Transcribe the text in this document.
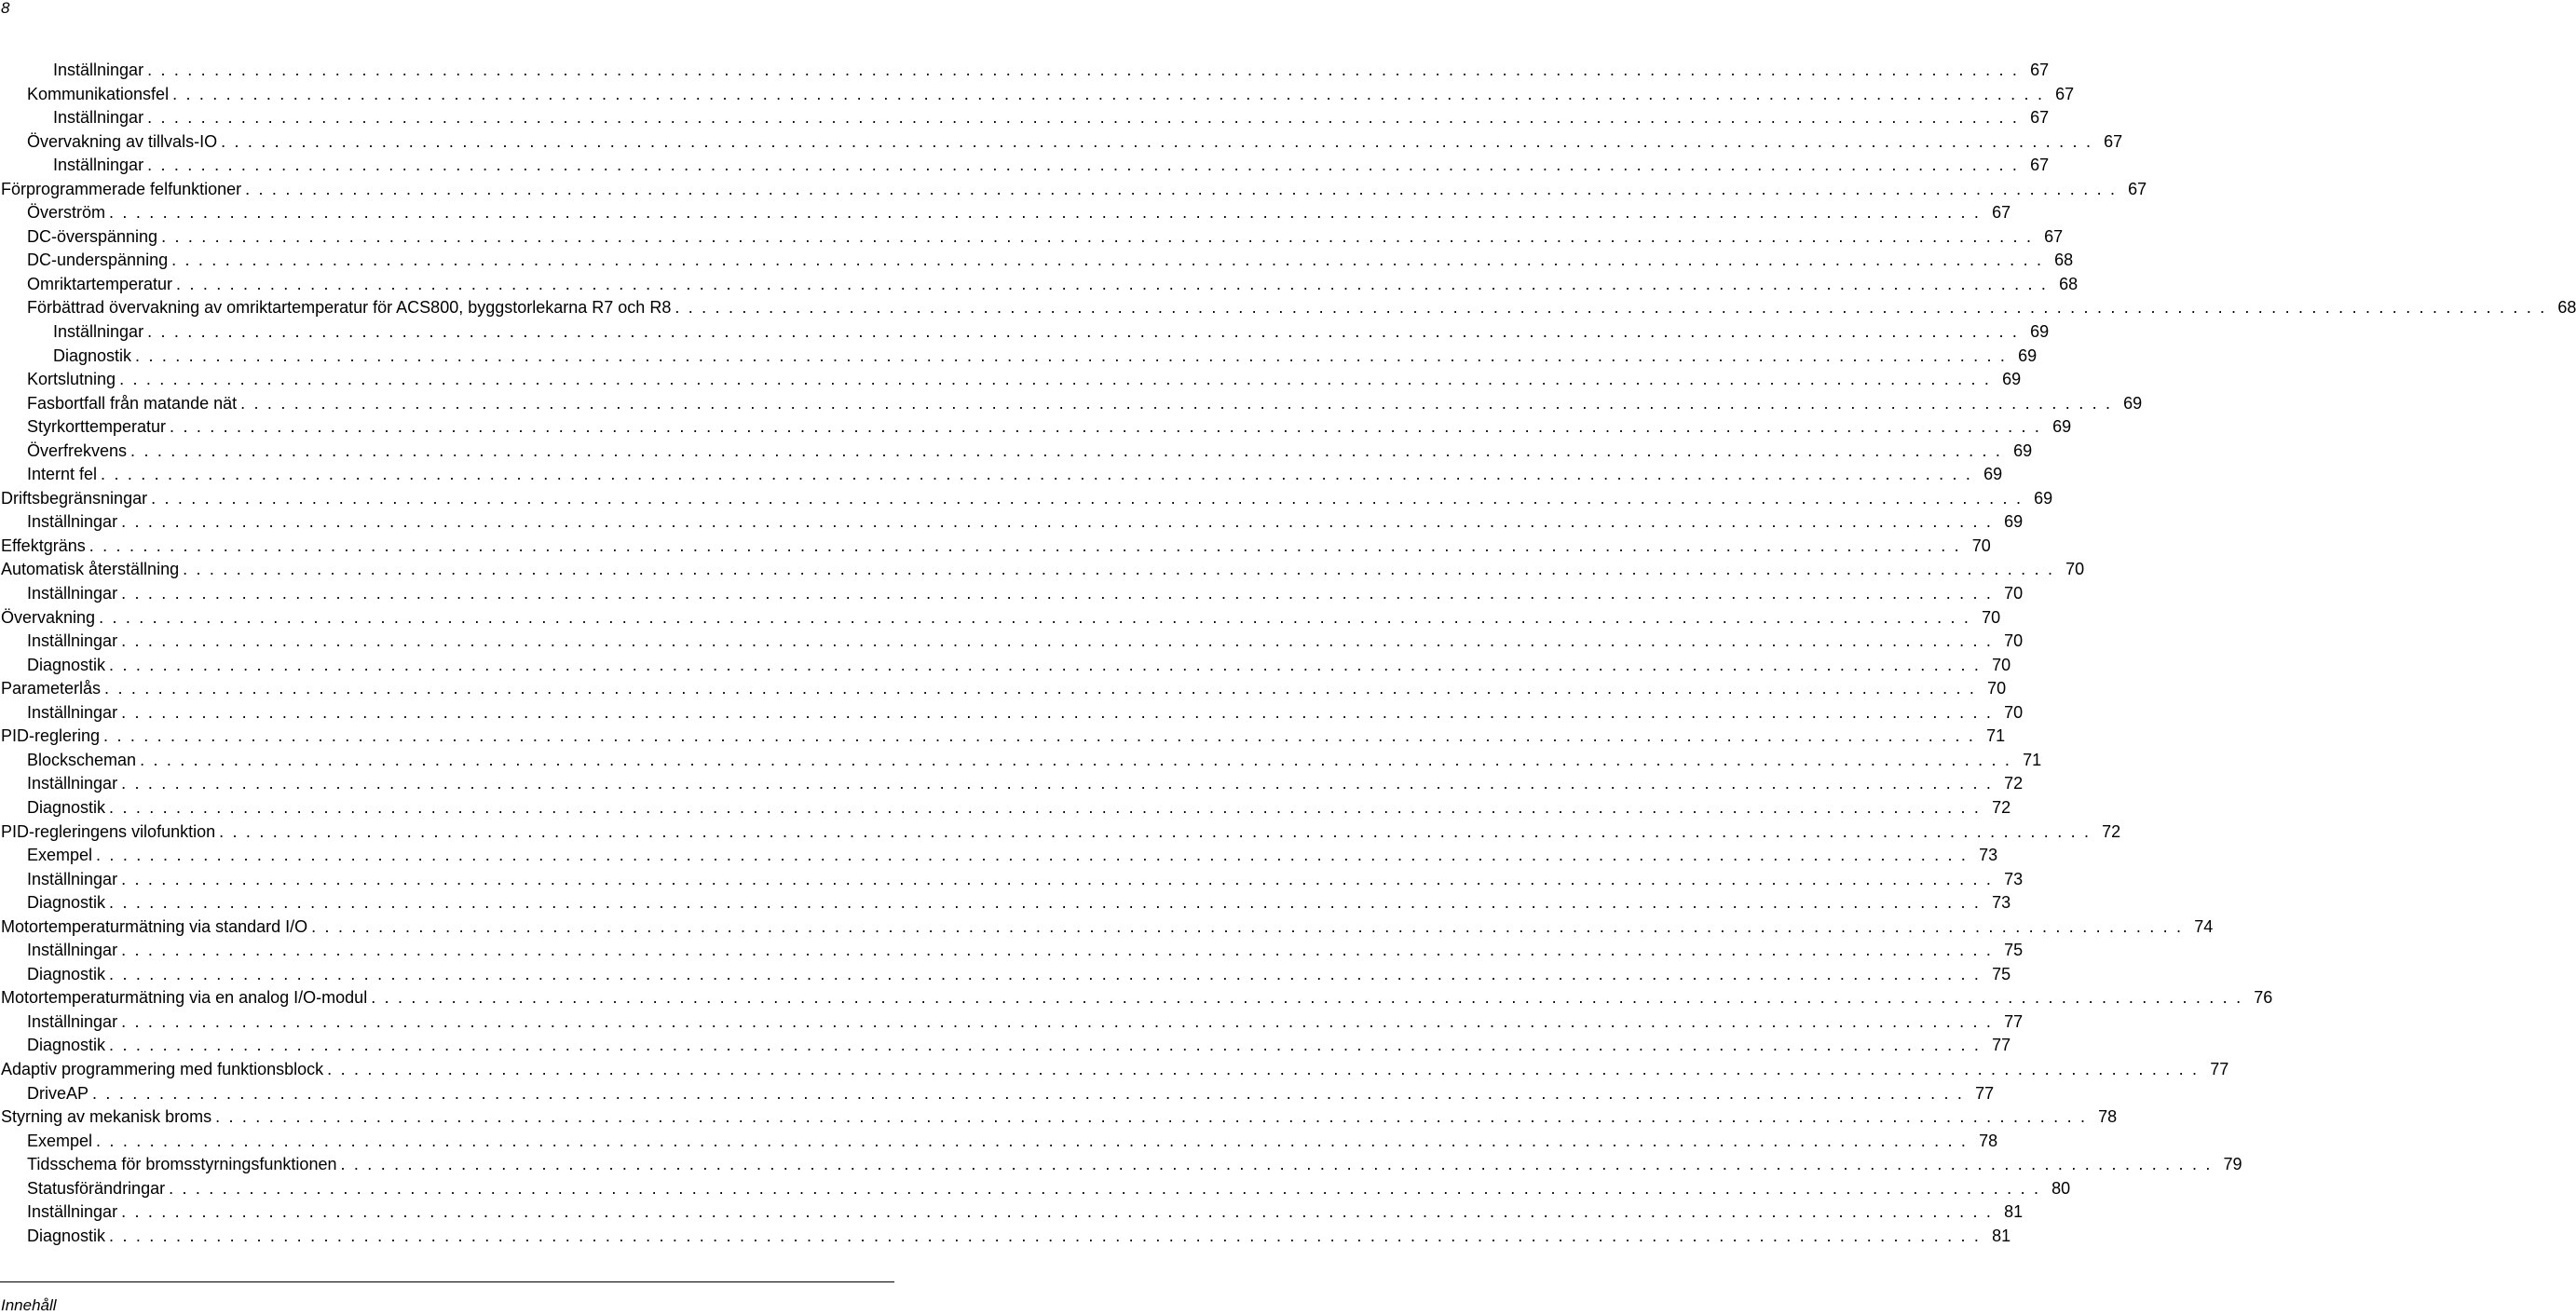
8
Inställningar . . . . . . . . . . . . . . . . . . . . . . . . . . . . . . . . . . . . . . . . . . . . . . . . . . . . . . . . . . . . . . . . . . . . . . . . . . . . . . . . . . . . . . . . . . . . . . . . . . . . . . . . . . . . . . . . . . . . . . . . . . . . . . . . . . . . . . . . . . . . 67
Kommunikationsfel . . . . . . . . . . . . . . . . . . . . . . . . . . . . . . . . . . . . . . . . . . . . . . . . . . . . . . . . . . . . . . . . . . . . . . . . . . . . . . . . . . . . . . . . . . . . . . . . . . . . . . . . . . . . . . . . . . . . . . . . . . . . . . . . . . . . . . . . . . . . 67
Inställningar . . . . . . . . . . . . . . . . . . . . . . . . . . . . . . . . . . . . . . . . . . . . . . . . . . . . . . . . . . . . . . . . . . . . . . . . . . . . . . . . . . . . . . . . . . . . . . . . . . . . . . . . . . . . . . . . . . . . . . . . . . . . . . . . . . . . . . . . . . . . 67
Övervakning av tillvals-IO . . . . . . . . . . . . . . . . . . . . . . . . . . . . . . . . . . . . . . . . . . . . . . . . . . . . . . . . . . . . . . . . . . . . . . . . . . . . . . . . . . . . . . . . . . . . . . . . . . . . . . . . . . . . . . . . . . . . . . . . . . . . . . . . . . . . . . . . . . . . 67
Inställningar . . . . . . . . . . . . . . . . . . . . . . . . . . . . . . . . . . . . . . . . . . . . . . . . . . . . . . . . . . . . . . . . . . . . . . . . . . . . . . . . . . . . . . . . . . . . . . . . . . . . . . . . . . . . . . . . . . . . . . . . . . . . . . . . . . . . . . . . . . . . 67
Förprogrammerade felfunktioner . . . . . . . . . . . . . . . . . . . . . . . . . . . . . . . . . . . . . . . . . . . . . . . . . . . . . . . . . . . . . . . . . . . . . . . . . . . . . . . . . . . . . . . . . . . . . . . . . . . . . . . . . . . . . . . . . . . . . . . . . . . . . . . . . . . . . . . . . . . . 67
Överström . . . . . . . . . . . . . . . . . . . . . . . . . . . . . . . . . . . . . . . . . . . . . . . . . . . . . . . . . . . . . . . . . . . . . . . . . . . . . . . . . . . . . . . . . . . . . . . . . . . . . . . . . . . . . . . . . . . . . . . . . . . . . . . . . . . . . . . . . . . . 67
DC-överspänning . . . . . . . . . . . . . . . . . . . . . . . . . . . . . . . . . . . . . . . . . . . . . . . . . . . . . . . . . . . . . . . . . . . . . . . . . . . . . . . . . . . . . . . . . . . . . . . . . . . . . . . . . . . . . . . . . . . . . . . . . . . . . . . . . . . . . . . . . . . . 67
DC-underspänning . . . . . . . . . . . . . . . . . . . . . . . . . . . . . . . . . . . . . . . . . . . . . . . . . . . . . . . . . . . . . . . . . . . . . . . . . . . . . . . . . . . . . . . . . . . . . . . . . . . . . . . . . . . . . . . . . . . . . . . . . . . . . . . . . . . . . . . . . . . . 68
Omriktartemperatur . . . . . . . . . . . . . . . . . . . . . . . . . . . . . . . . . . . . . . . . . . . . . . . . . . . . . . . . . . . . . . . . . . . . . . . . . . . . . . . . . . . . . . . . . . . . . . . . . . . . . . . . . . . . . . . . . . . . . . . . . . . . . . . . . . . . . . . . . . . . 68
Förbättrad övervakning av omriktartemperatur för ACS800, byggstorlekarna R7 och R8 . . . . . . . . . . . . . . . . . . . . . . . . . . . . . . . . . . . . . . . . . . . . . . . . . . . . . . . . . . . . . . . . . . . . . . . . . . . . . . . . . . . . . . . . . . . . . . . . . . . . . . . . . . . . . . . . . . . . . . . . . . . . . . . . . . . . . . . . . . . . 68
Inställningar . . . . . . . . . . . . . . . . . . . . . . . . . . . . . . . . . . . . . . . . . . . . . . . . . . . . . . . . . . . . . . . . . . . . . . . . . . . . . . . . . . . . . . . . . . . . . . . . . . . . . . . . . . . . . . . . . . . . . . . . . . . . . . . . . . . . . . . . . . . . 69
Diagnostik . . . . . . . . . . . . . . . . . . . . . . . . . . . . . . . . . . . . . . . . . . . . . . . . . . . . . . . . . . . . . . . . . . . . . . . . . . . . . . . . . . . . . . . . . . . . . . . . . . . . . . . . . . . . . . . . . . . . . . . . . . . . . . . . . . . . . . . . . . . . 69
Kortslutning . . . . . . . . . . . . . . . . . . . . . . . . . . . . . . . . . . . . . . . . . . . . . . . . . . . . . . . . . . . . . . . . . . . . . . . . . . . . . . . . . . . . . . . . . . . . . . . . . . . . . . . . . . . . . . . . . . . . . . . . . . . . . . . . . . . . . . . . . . . . 69
Fasbortfall från matande nät . . . . . . . . . . . . . . . . . . . . . . . . . . . . . . . . . . . . . . . . . . . . . . . . . . . . . . . . . . . . . . . . . . . . . . . . . . . . . . . . . . . . . . . . . . . . . . . . . . . . . . . . . . . . . . . . . . . . . . . . . . . . . . . . . . . . . . . . . . . . 69
Styrkorttemperatur . . . . . . . . . . . . . . . . . . . . . . . . . . . . . . . . . . . . . . . . . . . . . . . . . . . . . . . . . . . . . . . . . . . . . . . . . . . . . . . . . . . . . . . . . . . . . . . . . . . . . . . . . . . . . . . . . . . . . . . . . . . . . . . . . . . . . . . . . . . . 69
Överfrekvens . . . . . . . . . . . . . . . . . . . . . . . . . . . . . . . . . . . . . . . . . . . . . . . . . . . . . . . . . . . . . . . . . . . . . . . . . . . . . . . . . . . . . . . . . . . . . . . . . . . . . . . . . . . . . . . . . . . . . . . . . . . . . . . . . . . . . . . . . . . . 69
Internt fel . . . . . . . . . . . . . . . . . . . . . . . . . . . . . . . . . . . . . . . . . . . . . . . . . . . . . . . . . . . . . . . . . . . . . . . . . . . . . . . . . . . . . . . . . . . . . . . . . . . . . . . . . . . . . . . . . . . . . . . . . . . . . . . . . . . . . . . . . . . . 69
Driftsbegränsningar . . . . . . . . . . . . . . . . . . . . . . . . . . . . . . . . . . . . . . . . . . . . . . . . . . . . . . . . . . . . . . . . . . . . . . . . . . . . . . . . . . . . . . . . . . . . . . . . . . . . . . . . . . . . . . . . . . . . . . . . . . . . . . . . . . . . . . . . . . . . 69
Inställningar . . . . . . . . . . . . . . . . . . . . . . . . . . . . . . . . . . . . . . . . . . . . . . . . . . . . . . . . . . . . . . . . . . . . . . . . . . . . . . . . . . . . . . . . . . . . . . . . . . . . . . . . . . . . . . . . . . . . . . . . . . . . . . . . . . . . . . . . . . . . 69
Effektgräns . . . . . . . . . . . . . . . . . . . . . . . . . . . . . . . . . . . . . . . . . . . . . . . . . . . . . . . . . . . . . . . . . . . . . . . . . . . . . . . . . . . . . . . . . . . . . . . . . . . . . . . . . . . . . . . . . . . . . . . . . . . . . . . . . . . . . . . . . . . . 70
Automatisk återställning . . . . . . . . . . . . . . . . . . . . . . . . . . . . . . . . . . . . . . . . . . . . . . . . . . . . . . . . . . . . . . . . . . . . . . . . . . . . . . . . . . . . . . . . . . . . . . . . . . . . . . . . . . . . . . . . . . . . . . . . . . . . . . . . . . . . . . . . . . . . 70
Inställningar . . . . . . . . . . . . . . . . . . . . . . . . . . . . . . . . . . . . . . . . . . . . . . . . . . . . . . . . . . . . . . . . . . . . . . . . . . . . . . . . . . . . . . . . . . . . . . . . . . . . . . . . . . . . . . . . . . . . . . . . . . . . . . . . . . . . . . . . . . . . 70
Övervakning . . . . . . . . . . . . . . . . . . . . . . . . . . . . . . . . . . . . . . . . . . . . . . . . . . . . . . . . . . . . . . . . . . . . . . . . . . . . . . . . . . . . . . . . . . . . . . . . . . . . . . . . . . . . . . . . . . . . . . . . . . . . . . . . . . . . . . . . . . . . 70
Inställningar . . . . . . . . . . . . . . . . . . . . . . . . . . . . . . . . . . . . . . . . . . . . . . . . . . . . . . . . . . . . . . . . . . . . . . . . . . . . . . . . . . . . . . . . . . . . . . . . . . . . . . . . . . . . . . . . . . . . . . . . . . . . . . . . . . . . . . . . . . . . 70
Diagnostik . . . . . . . . . . . . . . . . . . . . . . . . . . . . . . . . . . . . . . . . . . . . . . . . . . . . . . . . . . . . . . . . . . . . . . . . . . . . . . . . . . . . . . . . . . . . . . . . . . . . . . . . . . . . . . . . . . . . . . . . . . . . . . . . . . . . . . . . . . . . 70
Parameterlås . . . . . . . . . . . . . . . . . . . . . . . . . . . . . . . . . . . . . . . . . . . . . . . . . . . . . . . . . . . . . . . . . . . . . . . . . . . . . . . . . . . . . . . . . . . . . . . . . . . . . . . . . . . . . . . . . . . . . . . . . . . . . . . . . . . . . . . . . . . . 70
Inställningar . . . . . . . . . . . . . . . . . . . . . . . . . . . . . . . . . . . . . . . . . . . . . . . . . . . . . . . . . . . . . . . . . . . . . . . . . . . . . . . . . . . . . . . . . . . . . . . . . . . . . . . . . . . . . . . . . . . . . . . . . . . . . . . . . . . . . . . . . . . . 70
PID-reglering . . . . . . . . . . . . . . . . . . . . . . . . . . . . . . . . . . . . . . . . . . . . . . . . . . . . . . . . . . . . . . . . . . . . . . . . . . . . . . . . . . . . . . . . . . . . . . . . . . . . . . . . . . . . . . . . . . . . . . . . . . . . . . . . . . . . . . . . . . . . 71
Blockscheman . . . . . . . . . . . . . . . . . . . . . . . . . . . . . . . . . . . . . . . . . . . . . . . . . . . . . . . . . . . . . . . . . . . . . . . . . . . . . . . . . . . . . . . . . . . . . . . . . . . . . . . . . . . . . . . . . . . . . . . . . . . . . . . . . . . . . . . . . . . . 71
Inställningar . . . . . . . . . . . . . . . . . . . . . . . . . . . . . . . . . . . . . . . . . . . . . . . . . . . . . . . . . . . . . . . . . . . . . . . . . . . . . . . . . . . . . . . . . . . . . . . . . . . . . . . . . . . . . . . . . . . . . . . . . . . . . . . . . . . . . . . . . . . . 72
Diagnostik . . . . . . . . . . . . . . . . . . . . . . . . . . . . . . . . . . . . . . . . . . . . . . . . . . . . . . . . . . . . . . . . . . . . . . . . . . . . . . . . . . . . . . . . . . . . . . . . . . . . . . . . . . . . . . . . . . . . . . . . . . . . . . . . . . . . . . . . . . . . 72
PID-regleringens vilofunktion . . . . . . . . . . . . . . . . . . . . . . . . . . . . . . . . . . . . . . . . . . . . . . . . . . . . . . . . . . . . . . . . . . . . . . . . . . . . . . . . . . . . . . . . . . . . . . . . . . . . . . . . . . . . . . . . . . . . . . . . . . . . . . . . . . . . . . . . . . . . 72
Exempel . . . . . . . . . . . . . . . . . . . . . . . . . . . . . . . . . . . . . . . . . . . . . . . . . . . . . . . . . . . . . . . . . . . . . . . . . . . . . . . . . . . . . . . . . . . . . . . . . . . . . . . . . . . . . . . . . . . . . . . . . . . . . . . . . . . . . . . . . . . . 73
Inställningar . . . . . . . . . . . . . . . . . . . . . . . . . . . . . . . . . . . . . . . . . . . . . . . . . . . . . . . . . . . . . . . . . . . . . . . . . . . . . . . . . . . . . . . . . . . . . . . . . . . . . . . . . . . . . . . . . . . . . . . . . . . . . . . . . . . . . . . . . . . . 73
Diagnostik . . . . . . . . . . . . . . . . . . . . . . . . . . . . . . . . . . . . . . . . . . . . . . . . . . . . . . . . . . . . . . . . . . . . . . . . . . . . . . . . . . . . . . . . . . . . . . . . . . . . . . . . . . . . . . . . . . . . . . . . . . . . . . . . . . . . . . . . . . . . 73
Motortemperaturmätning via standard I/O . . . . . . . . . . . . . . . . . . . . . . . . . . . . . . . . . . . . . . . . . . . . . . . . . . . . . . . . . . . . . . . . . . . . . . . . . . . . . . . . . . . . . . . . . . . . . . . . . . . . . . . . . . . . . . . . . . . . . . . . . . . . . . . . . . . . . . . . . . . . 74
Inställningar . . . . . . . . . . . . . . . . . . . . . . . . . . . . . . . . . . . . . . . . . . . . . . . . . . . . . . . . . . . . . . . . . . . . . . . . . . . . . . . . . . . . . . . . . . . . . . . . . . . . . . . . . . . . . . . . . . . . . . . . . . . . . . . . . . . . . . . . . . . . 75
Diagnostik . . . . . . . . . . . . . . . . . . . . . . . . . . . . . . . . . . . . . . . . . . . . . . . . . . . . . . . . . . . . . . . . . . . . . . . . . . . . . . . . . . . . . . . . . . . . . . . . . . . . . . . . . . . . . . . . . . . . . . . . . . . . . . . . . . . . . . . . . . . . 75
Motortemperaturmätning via en analog I/O-modul . . . . . . . . . . . . . . . . . . . . . . . . . . . . . . . . . . . . . . . . . . . . . . . . . . . . . . . . . . . . . . . . . . . . . . . . . . . . . . . . . . . . . . . . . . . . . . . . . . . . . . . . . . . . . . . . . . . . . . . . . . . . . . . . . . . . . . . . . . . . 76
Inställningar . . . . . . . . . . . . . . . . . . . . . . . . . . . . . . . . . . . . . . . . . . . . . . . . . . . . . . . . . . . . . . . . . . . . . . . . . . . . . . . . . . . . . . . . . . . . . . . . . . . . . . . . . . . . . . . . . . . . . . . . . . . . . . . . . . . . . . . . . . . . 77
Diagnostik . . . . . . . . . . . . . . . . . . . . . . . . . . . . . . . . . . . . . . . . . . . . . . . . . . . . . . . . . . . . . . . . . . . . . . . . . . . . . . . . . . . . . . . . . . . . . . . . . . . . . . . . . . . . . . . . . . . . . . . . . . . . . . . . . . . . . . . . . . . . 77
Adaptiv programmering med funktionsblock . . . . . . . . . . . . . . . . . . . . . . . . . . . . . . . . . . . . . . . . . . . . . . . . . . . . . . . . . . . . . . . . . . . . . . . . . . . . . . . . . . . . . . . . . . . . . . . . . . . . . . . . . . . . . . . . . . . . . . . . . . . . . . . . . . . . . . . . . . . . 77
DriveAP . . . . . . . . . . . . . . . . . . . . . . . . . . . . . . . . . . . . . . . . . . . . . . . . . . . . . . . . . . . . . . . . . . . . . . . . . . . . . . . . . . . . . . . . . . . . . . . . . . . . . . . . . . . . . . . . . . . . . . . . . . . . . . . . . . . . . . . . . . . . 77
Styrning av mekanisk broms . . . . . . . . . . . . . . . . . . . . . . . . . . . . . . . . . . . . . . . . . . . . . . . . . . . . . . . . . . . . . . . . . . . . . . . . . . . . . . . . . . . . . . . . . . . . . . . . . . . . . . . . . . . . . . . . . . . . . . . . . . . . . . . . . . . . . . . . . . . . 78
Exempel . . . . . . . . . . . . . . . . . . . . . . . . . . . . . . . . . . . . . . . . . . . . . . . . . . . . . . . . . . . . . . . . . . . . . . . . . . . . . . . . . . . . . . . . . . . . . . . . . . . . . . . . . . . . . . . . . . . . . . . . . . . . . . . . . . . . . . . . . . . . 78
Tidsschema för bromsstyrningsfunktionen . . . . . . . . . . . . . . . . . . . . . . . . . . . . . . . . . . . . . . . . . . . . . . . . . . . . . . . . . . . . . . . . . . . . . . . . . . . . . . . . . . . . . . . . . . . . . . . . . . . . . . . . . . . . . . . . . . . . . . . . . . . . . . . . . . . . . . . . . . . . 79
Statusförändringar . . . . . . . . . . . . . . . . . . . . . . . . . . . . . . . . . . . . . . . . . . . . . . . . . . . . . . . . . . . . . . . . . . . . . . . . . . . . . . . . . . . . . . . . . . . . . . . . . . . . . . . . . . . . . . . . . . . . . . . . . . . . . . . . . . . . . . . . . . . . 80
Inställningar . . . . . . . . . . . . . . . . . . . . . . . . . . . . . . . . . . . . . . . . . . . . . . . . . . . . . . . . . . . . . . . . . . . . . . . . . . . . . . . . . . . . . . . . . . . . . . . . . . . . . . . . . . . . . . . . . . . . . . . . . . . . . . . . . . . . . . . . . . . . 81
Diagnostik . . . . . . . . . . . . . . . . . . . . . . . . . . . . . . . . . . . . . . . . . . . . . . . . . . . . . . . . . . . . . . . . . . . . . . . . . . . . . . . . . . . . . . . . . . . . . . . . . . . . . . . . . . . . . . . . . . . . . . . . . . . . . . . . . . . . . . . . . . . . 81
Innehåll
